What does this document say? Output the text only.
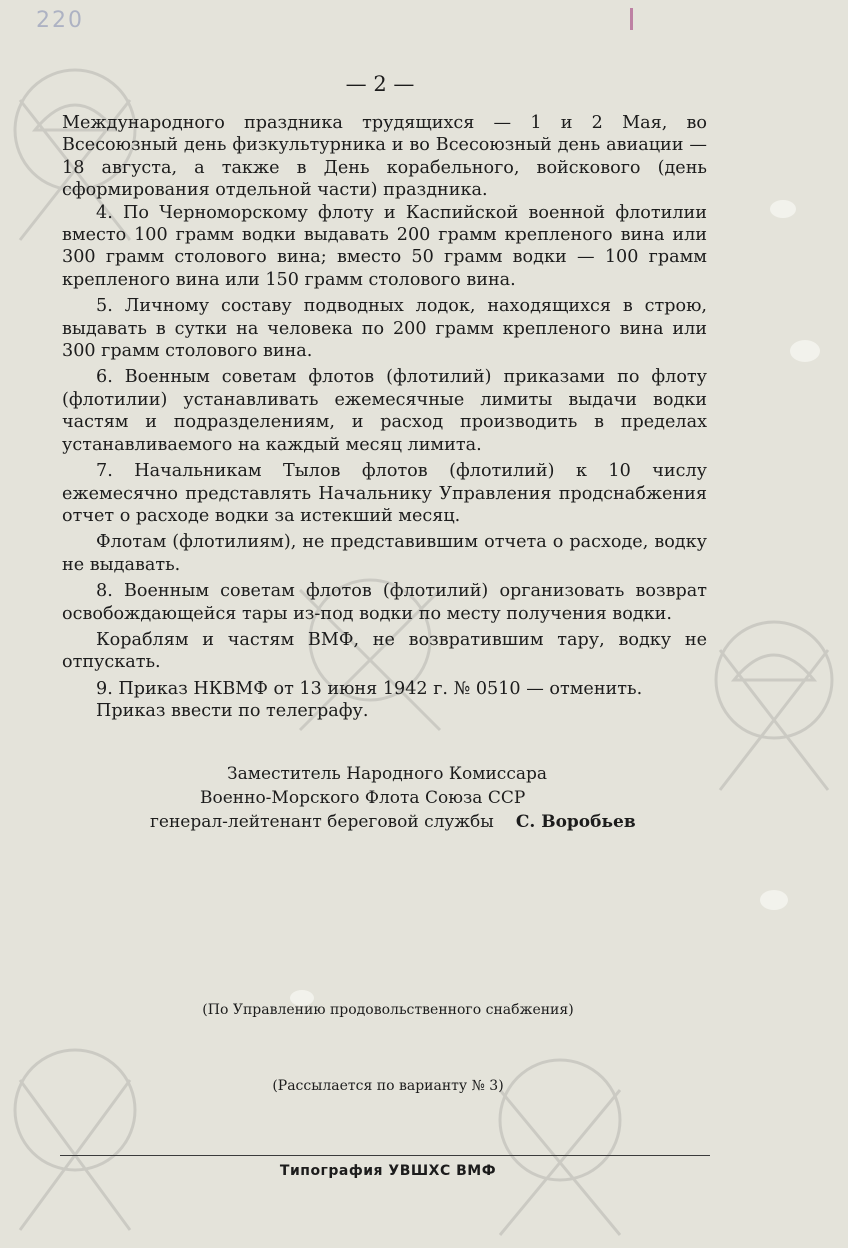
220
— 2 —

Международного праздника трудящихся — 1 и 2 Мая, во Всесоюзный день физкультурника и во Всесоюзный день авиации — 18 августа, а также в День корабельного, войскового (день сформирования отдельной части) праздника.

4. По Черноморскому флоту и Каспийской военной флотилии вместо 100 грамм водки выдавать 200 грамм крепленого вина или 300 грамм столового вина; вместо 50 грамм водки — 100 грамм крепленого вина или 150 грамм столового вина.

5. Личному составу подводных лодок, находящихся в строю, выдавать в сутки на человека по 200 грамм крепленого вина или 300 грамм столового вина.

6. Военным советам флотов (флотилий) приказами по флоту (флотилии) устанавливать ежемесячные лимиты выдачи водки частям и подразделениям, и расход производить в пределах устанавливаемого на каждый месяц лимита.

7. Начальникам Тылов флотов (флотилий) к 10 числу ежемесячно представлять Начальнику Управления продснабжения отчет о расходе водки за истекший месяц.

Флотам (флотилиям), не представившим отчета о расходе, водку не выдавать.

8. Военным советам флотов (флотилий) организовать возврат освобождающейся тары из-под водки по месту получения водки.

Кораблям и частям ВМФ, не возвратившим тару, водку не отпускать.

9. Приказ НКВМФ от 13 июня 1942 г. № 0510 — отменить.

Приказ ввести по телеграфу.

Заместитель Народного Комиссара
Военно-Морского Флота Союза ССР
генерал-лейтенант береговой службы С. Воробьев
(По Управлению продовольственного снабжения)
(Рассылается по варианту № 3)
Типография УВШХС ВМФ
